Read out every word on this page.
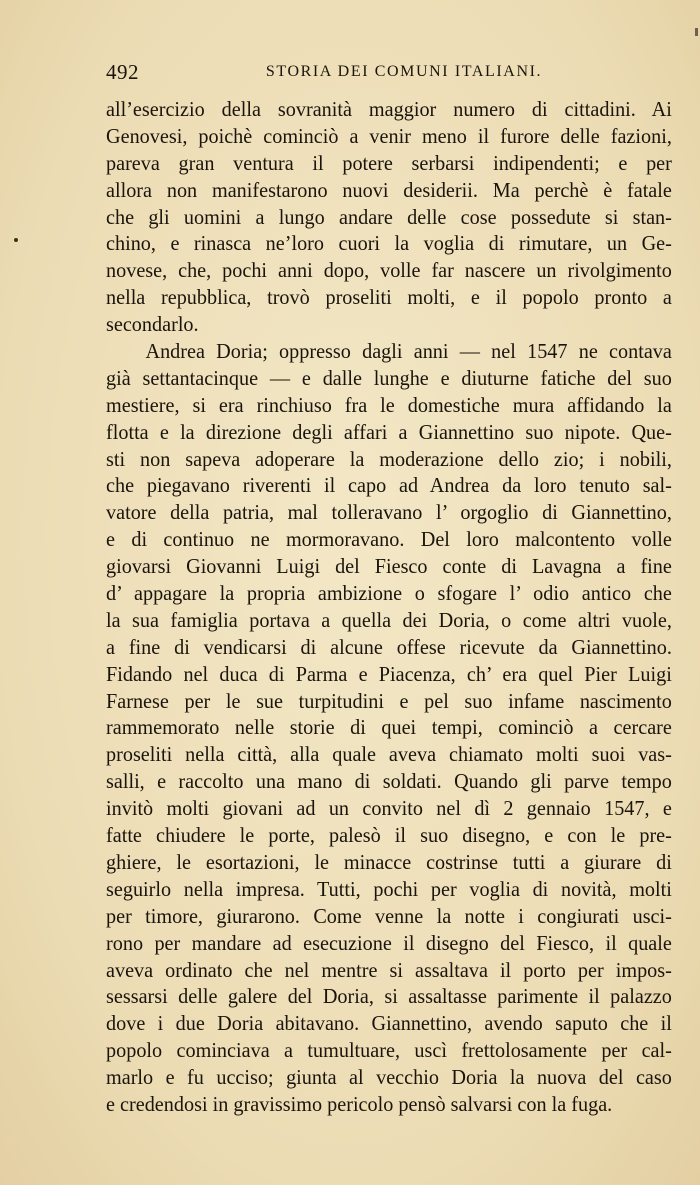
492	STORIA DEI COMUNI ITALIANI.
all’esercizio della sovranità maggior numero di cittadini. Ai
Genovesi, poichè cominciò a venir meno il furore delle fazioni,
pareva gran ventura il potere serbarsi indipendenti; e per
allora non manifestarono nuovi desiderii. Ma perchè è fatale
che gli uomini a lungo andare delle cose possedute si stan-
chino, e rinasca ne’loro cuori la voglia di rimutare, un Ge-
novese, che, pochi anni dopo, volle far nascere un rivolgimento
nella repubblica, trovò proseliti molti, e il popolo pronto a
secondarlo.
Andrea Doria; oppresso dagli anni — nel 1547 ne contava
già settantacinque — e dalle lunghe e diuturne fatiche del suo
mestiere, si era rinchiuso fra le domestiche mura affidando la
flotta e la direzione degli affari a Giannettino suo nipote. Que-
sti non sapeva adoperare la moderazione dello zio; i nobili,
che piegavano riverenti il capo ad Andrea da loro tenuto sal-
vatore della patria, mal tolleravano l’ orgoglio di Giannettino,
e di continuo ne mormoravano. Del loro malcontento volle
giovarsi Giovanni Luigi del Fiesco conte di Lavagna a fine
d’ appagare la propria ambizione o sfogare l’ odio antico che
la sua famiglia portava a quella dei Doria, o come altri vuole,
a fine di vendicarsi di alcune offese ricevute da Giannettino.
Fidando nel duca di Parma e Piacenza, ch’ era quel Pier Luigi
Farnese per le sue turpitudini e pel suo infame nascimento
rammemorato nelle storie di quei tempi, cominciò a cercare
proseliti nella città, alla quale aveva chiamato molti suoi vas-
salli, e raccolto una mano di soldati. Quando gli parve tempo
invitò molti giovani ad un convito nel dì 2 gennaio 1547, e
fatte chiudere le porte, palesò il suo disegno, e con le pre-
ghiere, le esortazioni, le minacce costrinse tutti a giurare di
seguirlo nella impresa. Tutti, pochi per voglia di novità, molti
per timore, giurarono. Come venne la notte i congiurati usci-
rono per mandare ad esecuzione il disegno del Fiesco, il quale
aveva ordinato che nel mentre si assaltava il porto per impos-
sessarsi delle galere del Doria, si assaltasse parimente il palazzo
dove i due Doria abitavano. Giannettino, avendo saputo che il
popolo cominciava a tumultuare, uscì frettolosamente per cal-
marlo e fu ucciso; giunta al vecchio Doria la nuova del caso
e credendosi in gravissimo pericolo pensò salvarsi con la fuga.
